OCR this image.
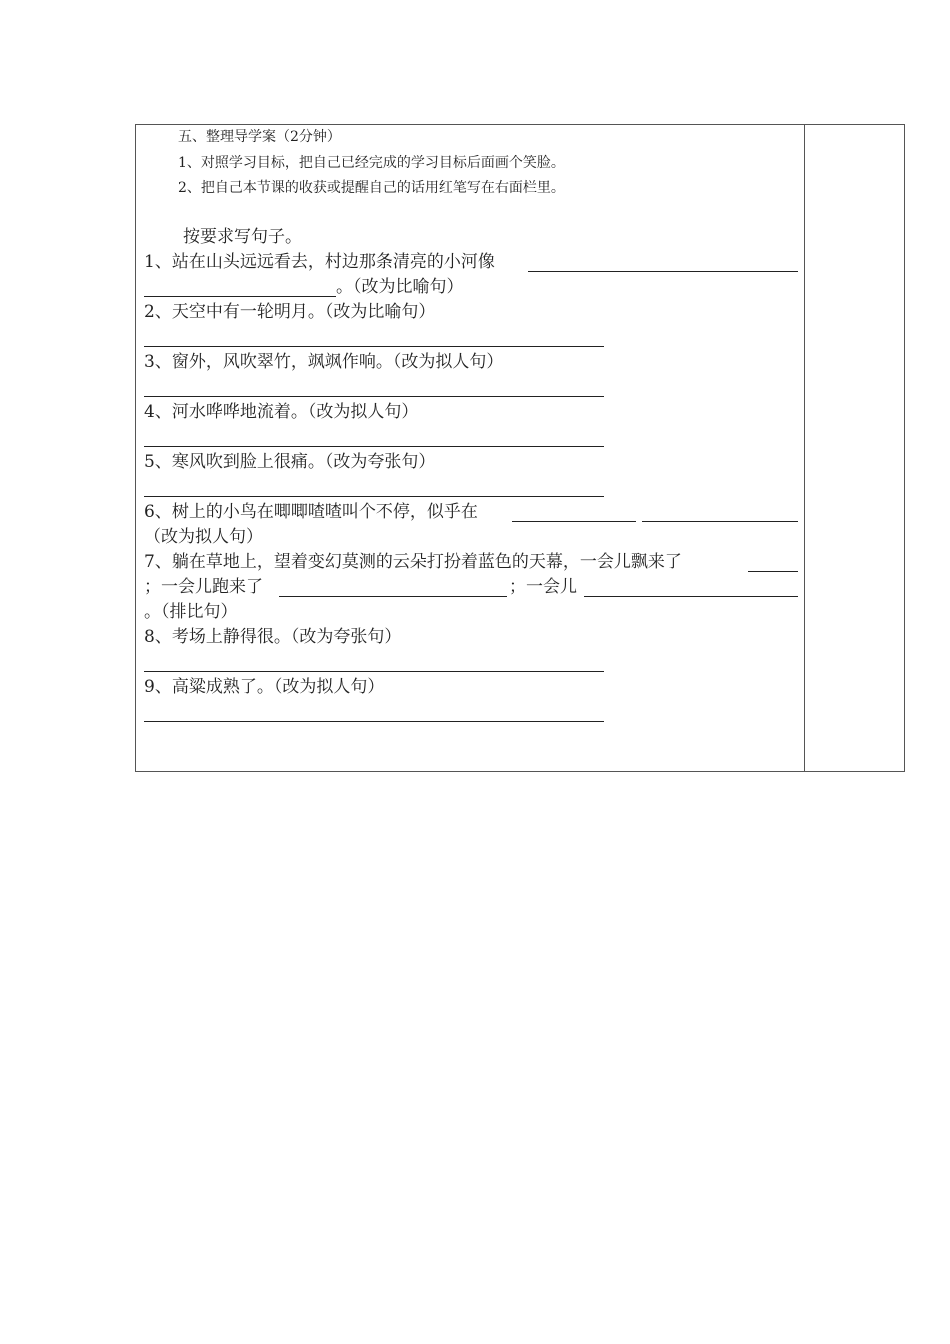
五、整理导学案（2分钟）
1、对照学习目标，把自己已经完成的学习目标后面画个笑脸。
2、把自己本节课的收获或提醒自己的话用红笔写在右面栏里。
按要求写句子。
1、站在山头远远看去，村边那条清亮的小河像
。（改为比喻句）
2、天空中有一轮明月。（改为比喻句）
3、窗外，风吹翠竹，飒飒作响。（改为拟人句）
4、河水哗哗地流着。（改为拟人句）
5、寒风吹到脸上很痛。（改为夸张句）
6、树上的小鸟在唧唧喳喳叫个不停，似乎在
（改为拟人句）
7、躺在草地上，望着变幻莫测的云朵打扮着蓝色的天幕，一会儿飘来了
；一会儿跑来了	；一会儿
。（排比句）
8、考场上静得很。（改为夸张句）
9、高粱成熟了。（改为拟人句）
